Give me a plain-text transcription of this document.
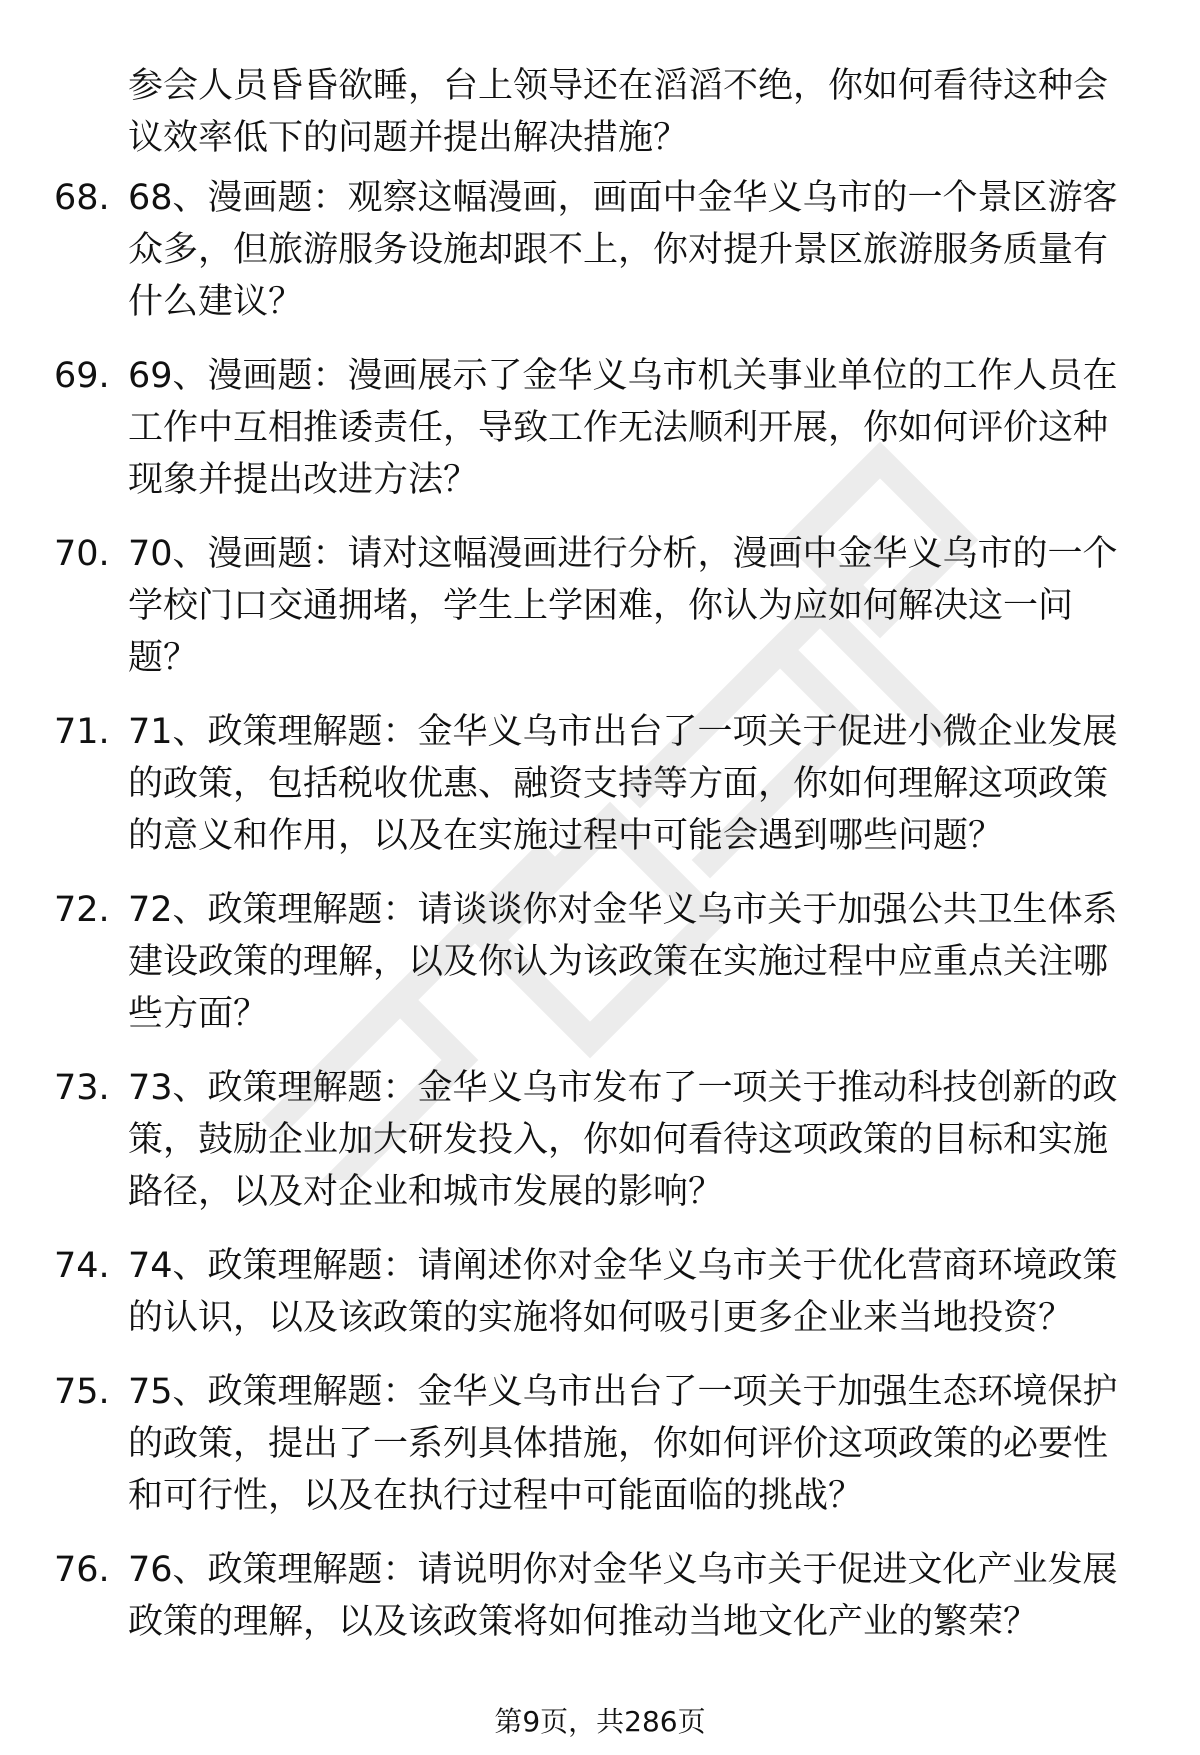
参会人员昏昏欲睡，台上领导还在滔滔不绝，你如何看待这种会议效率低下的问题并提出解决措施？
68. 68、漫画题：观察这幅漫画，画面中金华义乌市的一个景区游客众多，但旅游服务设施却跟不上，你对提升景区旅游服务质量有什么建议？
69. 69、漫画题：漫画展示了金华义乌市机关事业单位的工作人员在工作中互相推诿责任，导致工作无法顺利开展，你如何评价这种现象并提出改进方法？
70. 70、漫画题：请对这幅漫画进行分析，漫画中金华义乌市的一个学校门口交通拥堵，学生上学困难，你认为应如何解决这一问题？
71. 71、政策理解题：金华义乌市出台了一项关于促进小微企业发展的政策，包括税收优惠、融资支持等方面，你如何理解这项政策的意义和作用，以及在实施过程中可能会遇到哪些问题？
72. 72、政策理解题：请谈谈你对金华义乌市关于加强公共卫生体系建设政策的理解，以及你认为该政策在实施过程中应重点关注哪些方面？
73. 73、政策理解题：金华义乌市发布了一项关于推动科技创新的政策，鼓励企业加大研发投入，你如何看待这项政策的目标和实施路径，以及对企业和城市发展的影响？
74. 74、政策理解题：请阐述你对金华义乌市关于优化营商环境政策的认识，以及该政策的实施将如何吸引更多企业来当地投资？
75. 75、政策理解题：金华义乌市出台了一项关于加强生态环境保护的政策，提出了一系列具体措施，你如何评价这项政策的必要性和可行性，以及在执行过程中可能面临的挑战？
76. 76、政策理解题：请说明你对金华义乌市关于促进文化产业发展政策的理解，以及该政策将如何推动当地文化产业的繁荣？
第9页，共286页
